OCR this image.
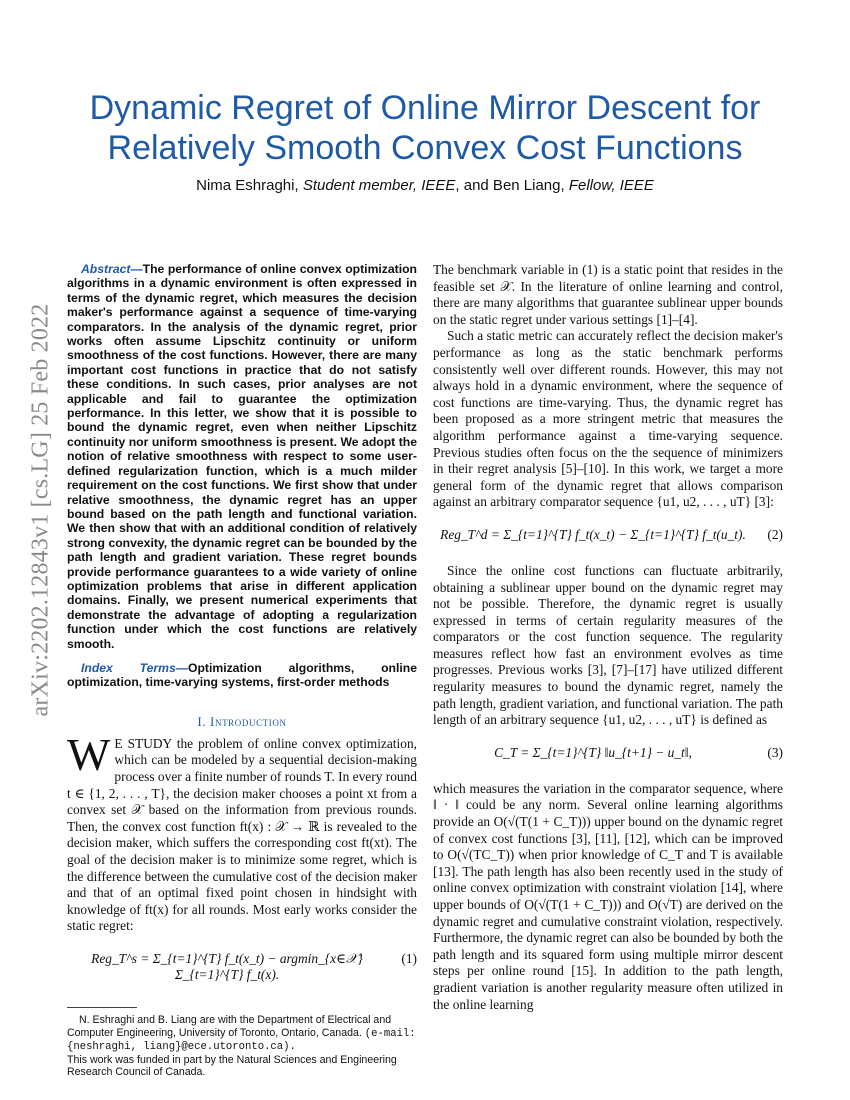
arXiv:2202.12843v1 [cs.LG] 25 Feb 2022
Dynamic Regret of Online Mirror Descent for Relatively Smooth Convex Cost Functions
Nima Eshraghi, Student member, IEEE, and Ben Liang, Fellow, IEEE

Abstract—The performance of online convex optimization algorithms in a dynamic environment is often expressed in terms of the dynamic regret, which measures the decision maker's performance against a sequence of time-varying comparators. In the analysis of the dynamic regret, prior works often assume Lipschitz continuity or uniform smoothness of the cost functions. However, there are many important cost functions in practice that do not satisfy these conditions. In such cases, prior analyses are not applicable and fail to guarantee the optimization performance. In this letter, we show that it is possible to bound the dynamic regret, even when neither Lipschitz continuity nor uniform smoothness is present. We adopt the notion of relative smoothness with respect to some user-defined regularization function, which is a much milder requirement on the cost functions. We first show that under relative smoothness, the dynamic regret has an upper bound based on the path length and functional variation. We then show that with an additional condition of relatively strong convexity, the dynamic regret can be bounded by the path length and gradient variation. These regret bounds provide performance guarantees to a wide variety of online optimization problems that arise in different application domains. Finally, we present numerical experiments that demonstrate the advantage of adopting a regularization function under which the cost functions are relatively smooth.

Index Terms—Optimization algorithms, online optimization, time-varying systems, first-order methods

I. Introduction

W E STUDY the problem of online convex optimization, which can be modeled by a sequential decision-making process over a finite number of rounds T. In every round t ∈ {1, 2, . . . , T}, the decision maker chooses a point xt from a convex set 𝒳 based on the information from previous rounds. Then, the convex cost function ft(x) : 𝒳 → ℝ is revealed to the decision maker, which suffers the corresponding cost ft(xt). The goal of the decision maker is to minimize some regret, which is the difference between the cumulative cost of the decision maker and that of an optimal fixed point chosen in hindsight with knowledge of ft(x) for all rounds. Most early works consider the static regret:

Reg_T^s = Σ_{t=1}^{T} f_t(x_t) − argmin_{x∈𝒳} Σ_{t=1}^{T} f_t(x).
(1)

N. Eshraghi and B. Liang are with the Department of Electrical and Computer Engineering, University of Toronto, Ontario, Canada. (e-mail: {neshraghi, liang}@ece.utoronto.ca).

This work was funded in part by the Natural Sciences and Engineering Research Council of Canada.

The benchmark variable in (1) is a static point that resides in the feasible set 𝒳. In the literature of online learning and control, there are many algorithms that guarantee sublinear upper bounds on the static regret under various settings [1]–[4].

Such a static metric can accurately reflect the decision maker's performance as long as the static benchmark performs consistently well over different rounds. However, this may not always hold in a dynamic environment, where the sequence of cost functions are time-varying. Thus, the dynamic regret has been proposed as a more stringent metric that measures the algorithm performance against a time-varying sequence. Previous studies often focus on the the sequence of minimizers in their regret analysis [5]–[10]. In this work, we target a more general form of the dynamic regret that allows comparison against an arbitrary comparator sequence {u1, u2, . . . , uT} [3]:

Reg_T^d = Σ_{t=1}^{T} f_t(x_t) − Σ_{t=1}^{T} f_t(u_t).	(2)

Since the online cost functions can fluctuate arbitrarily, obtaining a sublinear upper bound on the dynamic regret may not be possible. Therefore, the dynamic regret is usually expressed in terms of certain regularity measures of the comparators or the cost function sequence. The regularity measures reflect how fast an environment evolves as time progresses. Previous works [3], [7]–[17] have utilized different regularity measures to bound the dynamic regret, namely the path length, gradient variation, and functional variation. The path length of an arbitrary sequence {u1, u2, . . . , uT} is defined as

C_T = Σ_{t=1}^{T} ‖u_{t+1} − u_t‖,	(3)

which measures the variation in the comparator sequence, where ‖ · ‖ could be any norm. Several online learning algorithms provide an O(√(T(1 + C_T))) upper bound on the dynamic regret of convex cost functions [3], [11], [12], which can be improved to O(√(TC_T)) when prior knowledge of C_T and T is available [13]. The path length has also been recently used in the study of online convex optimization with constraint violation [14], where upper bounds of O(√(T(1 + C_T))) and O(√T) are derived on the dynamic regret and cumulative constraint violation, respectively. Furthermore, the dynamic regret can also be bounded by both the path length and its squared form using multiple mirror descent steps per online round [15]. In addition to the path length, gradient variation is another regularity measure often utilized in the online learning
